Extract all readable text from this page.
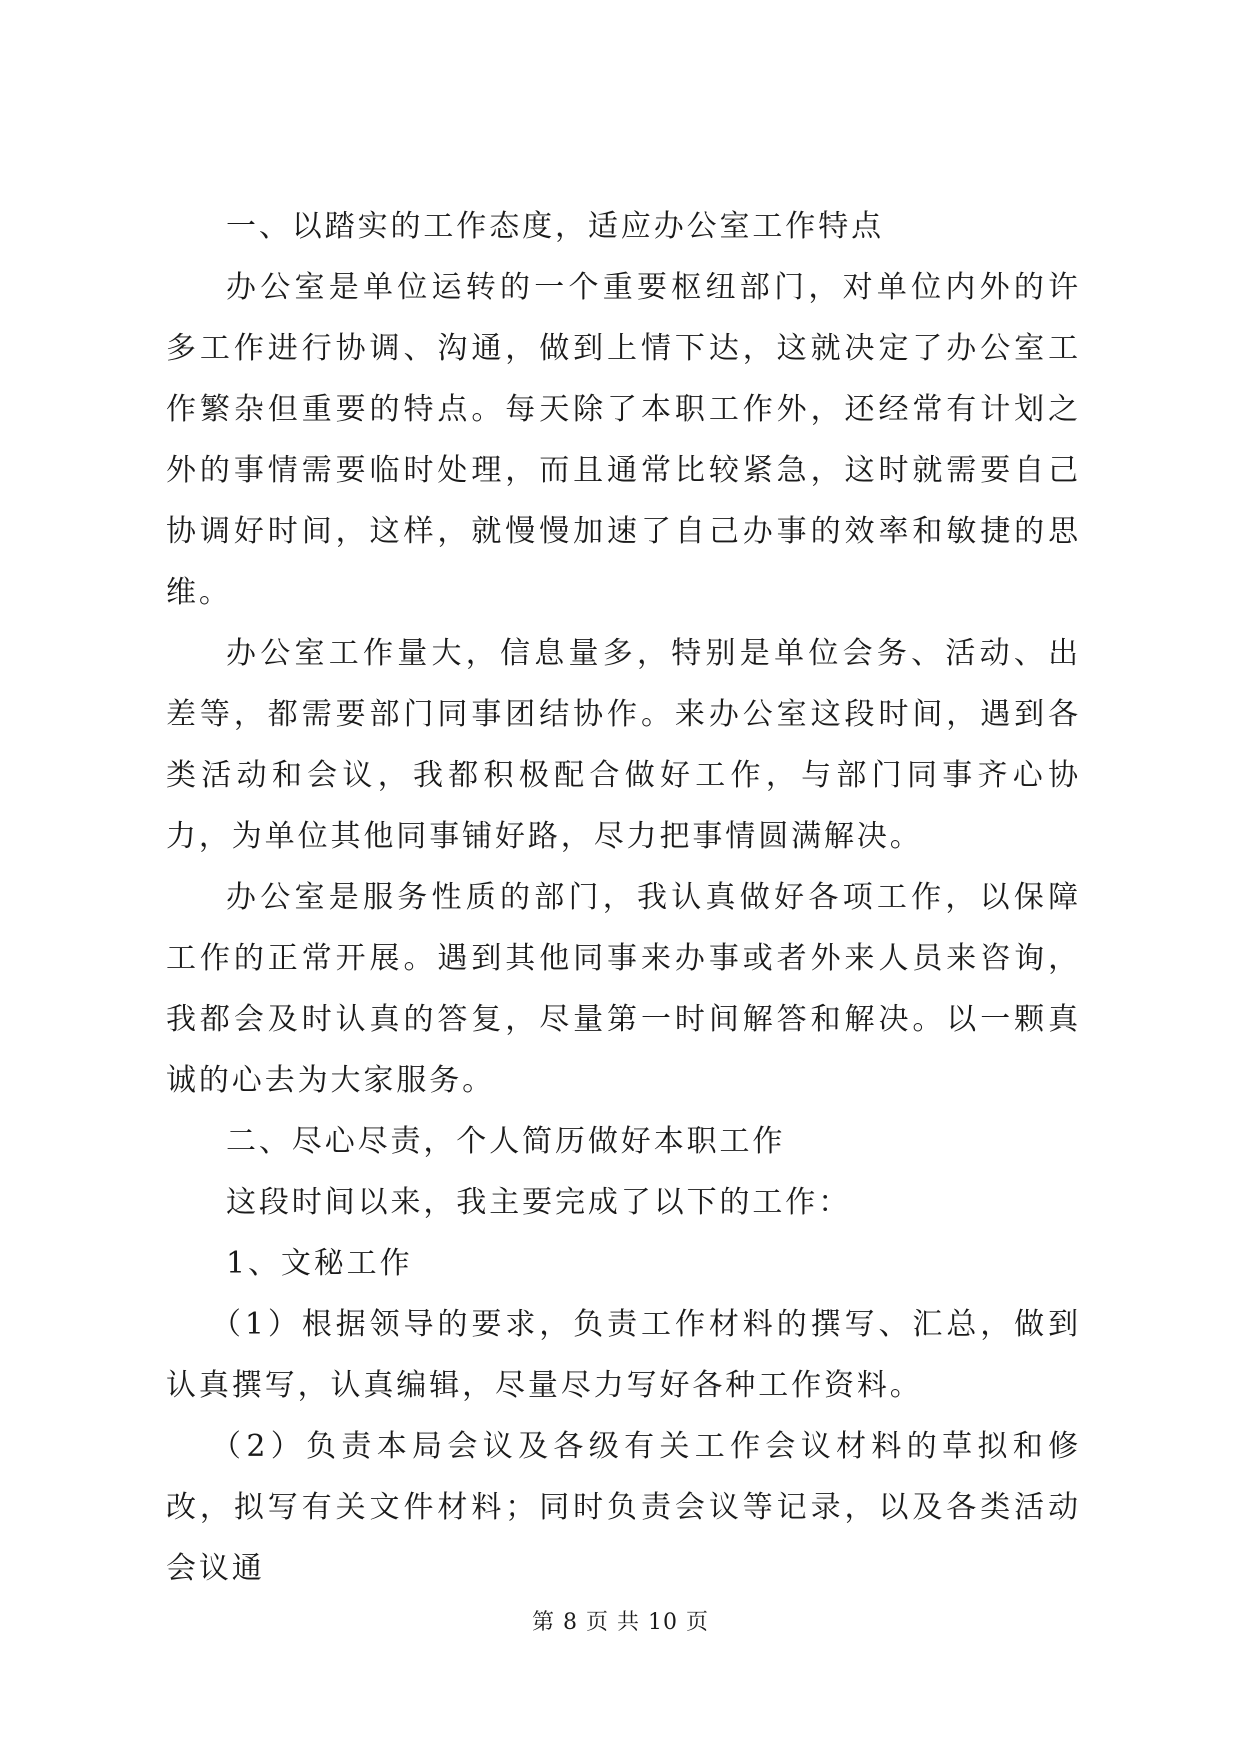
一、以踏实的工作态度，适应办公室工作特点

办公室是单位运转的一个重要枢纽部门，对单位内外的许多工作进行协调、沟通，做到上情下达，这就决定了办公室工作繁杂但重要的特点。每天除了本职工作外，还经常有计划之外的事情需要临时处理，而且通常比较紧急，这时就需要自己协调好时间，这样，就慢慢加速了自己办事的效率和敏捷的思维。

办公室工作量大，信息量多，特别是单位会务、活动、出差等，都需要部门同事团结协作。来办公室这段时间，遇到各类活动和会议，我都积极配合做好工作，与部门同事齐心协力，为单位其他同事铺好路，尽力把事情圆满解决。

办公室是服务性质的部门，我认真做好各项工作，以保障工作的正常开展。遇到其他同事来办事或者外来人员来咨询，我都会及时认真的答复，尽量第一时间解答和解决。以一颗真诚的心去为大家服务。

二、尽心尽责，个人简历做好本职工作

这段时间以来，我主要完成了以下的工作：

1、文秘工作

（1）根据领导的要求，负责工作材料的撰写、汇总，做到认真撰写，认真编辑，尽量尽力写好各种工作资料。

（2）负责本局会议及各级有关工作会议材料的草拟和修改，拟写有关文件材料；同时负责会议等记录，以及各类活动会议通

第 8 页 共 10 页
